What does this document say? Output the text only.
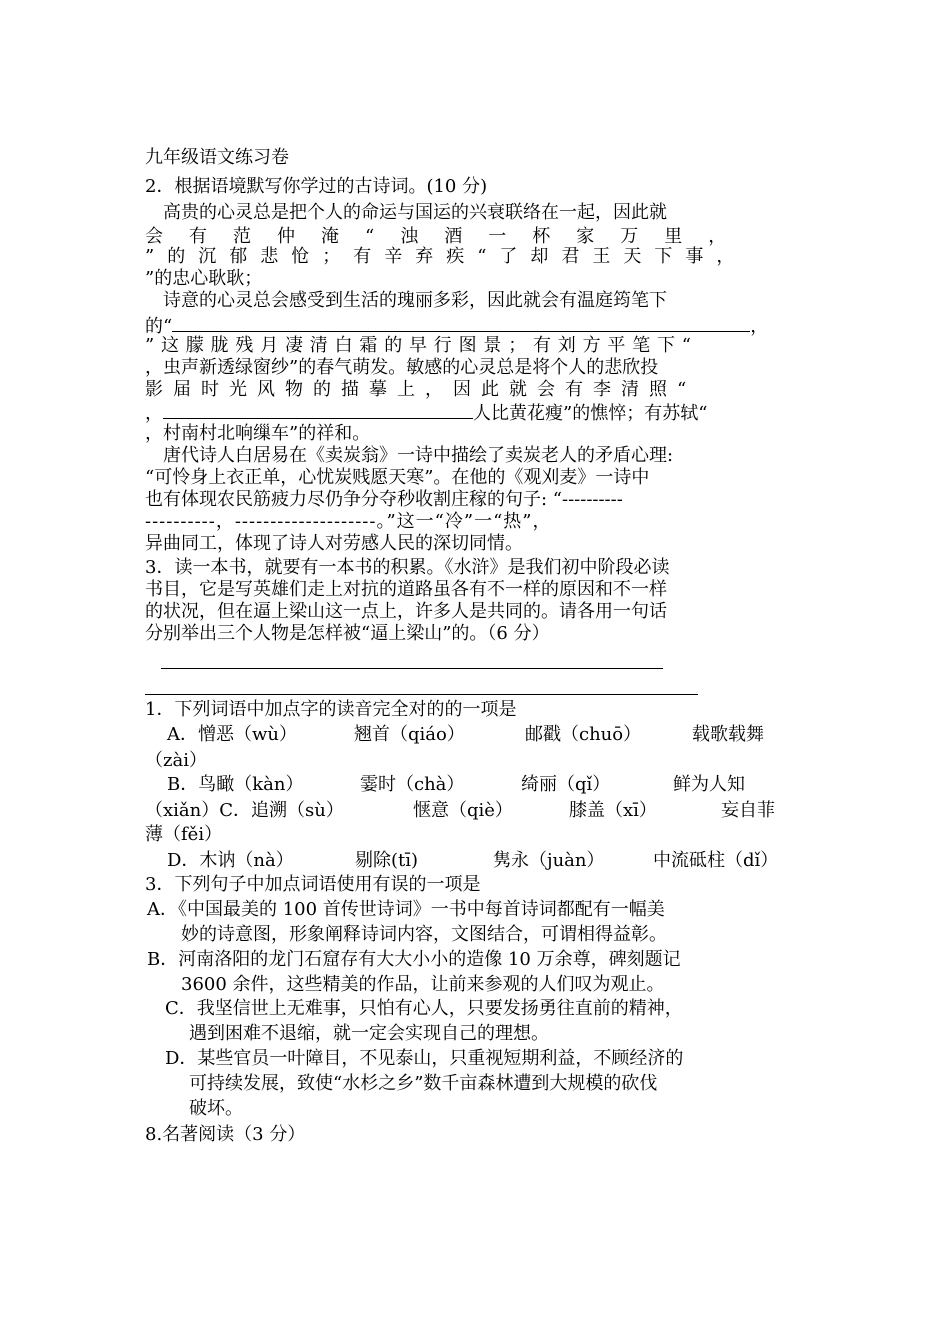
九年级语文练习卷
2．根据语境默写你学过的古诗词。(10 分)
　高贵的心灵总是把个人的命运与国运的兴衰联络在一起，因此就
会有范仲淹“浊酒一杯家万里，
”的沉郁悲怆；有辛弃疾“了却君王天下事，
”的忠心耿耿；
　诗意的心灵总会感受到生活的瑰丽多彩，因此就会有温庭筠笔下
的“	，
”这朦胧残月凄清白霜的早行图景；有刘方平笔下“
，虫声新透绿窗纱”的春气萌发。敏感的心灵总是将个人的悲欣投
影届时光风物的描摹上，因此就会有李清照“
，	人比黄花瘦”的憔悴；有苏轼“
，村南村北响缫车”的祥和。
　唐代诗人白居易在《卖炭翁》一诗中描绘了卖炭老人的矛盾心理:
“可怜身上衣正单，心忧炭贱愿天寒”。在他的《观刈麦》一诗中
也有体现农民筋疲力尽仍争分夺秒收割庄稼的句子: “----------
----------，--------------------。”这一“冷”一“热”，
异曲同工，体现了诗人对劳感人民的深切同情。
3．读一本书，就要有一本书的积累。《水浒》是我们初中阶段必读
书目，它是写英雄们走上对抗的道路虽各有不一样的原因和不一样
的状况，但在逼上梁山这一点上，许多人是共同的。请各用一句话
分别举出三个人物是怎样被“逼上梁山”的。（6 分）
1．下列词语中加点字的读音完全对的的一项是
A．憎恶（wù）	翘首（qiáo）	邮戳（chuō）	载歌载舞
（zài）
B．鸟瞰（kàn）	霎时（chà）	绮丽（qǐ）	鲜为人知
（xiǎn）C．追溯（sù）	惬意（qiè）	膝盖（xī）	妄自菲
薄（fěi）
D．木讷（nà）	剔除(tī)	隽永（juàn）	中流砥柱（dǐ）
3．下列句子中加点词语使用有误的一项是
A．《中国最美的 100 首传世诗词》一书中每首诗词都配有一幅美
妙的诗意图，形象阐释诗词内容，文图结合，可谓相得益彰。
B．河南洛阳的龙门石窟存有大大小小的造像 10 万余尊，碑刻题记
3600 余件，这些精美的作品，让前来参观的人们叹为观止。
C．我坚信世上无难事，只怕有心人，只要发扬勇往直前的精神，
遇到困难不退缩，就一定会实现自己的理想。
D．某些官员一叶障目，不见泰山，只重视短期利益，不顾经济的
可持续发展，致使“水杉之乡”数千亩森林遭到大规模的砍伐
破坏。
8.名著阅读（3 分）
